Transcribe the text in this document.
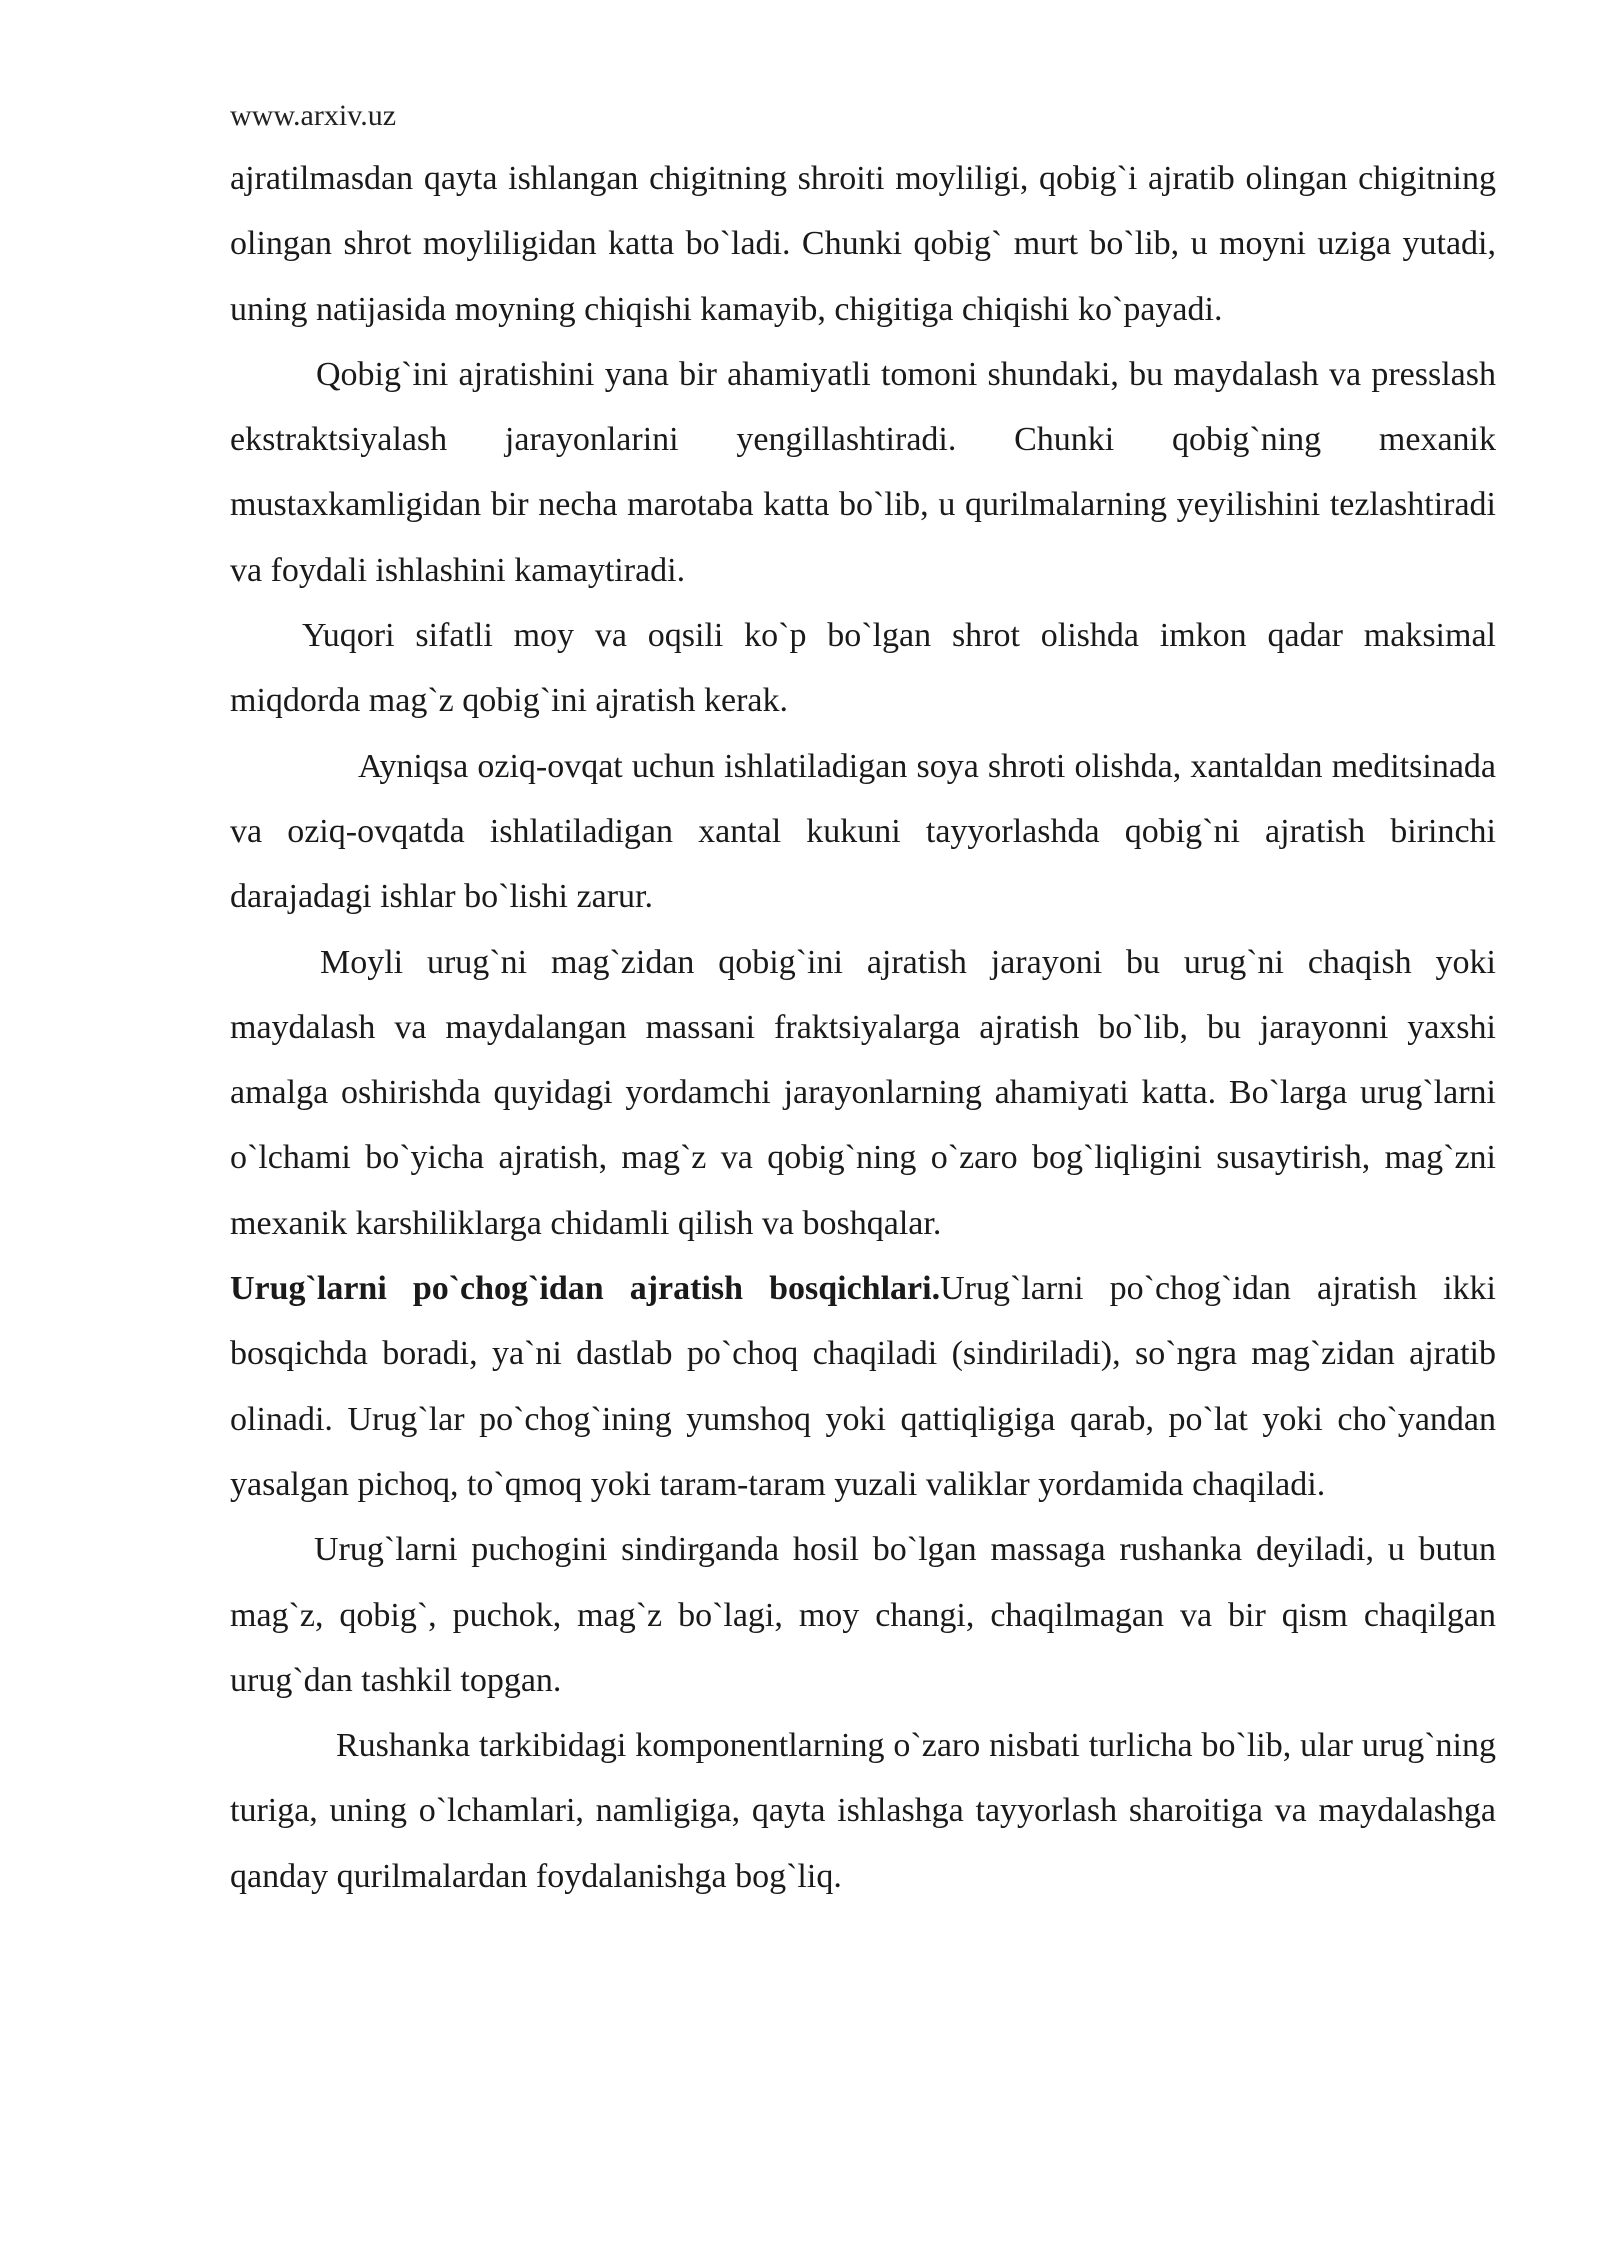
www.arxiv.uz

ajratilmasdan qayta ishlangan chigitning shroiti moyliligi, qobig`i ajratib olingan chigitning olingan shrot moyliligidan katta bo`ladi. Chunki qobig` murt bo`lib, u moyni uziga yutadi, uning natijasida moyning chiqishi kamayib, chigitiga chiqishi ko`payadi.

Qobig`ini ajratishini yana bir ahamiyatli tomoni shundaki, bu maydalash va presslash ekstraktsiyalash jarayonlarini yengillashtiradi. Chunki qobig`ning mexanik mustaxkamligidan bir necha marotaba katta bo`lib, u qurilmalarning yeyilishini tezlashtiradi va foydali ishlashini kamaytiradi.

Yuqori sifatli moy va oqsili ko`p bo`lgan shrot olishda imkon qadar maksimal miqdorda mag`z qobig`ini ajratish kerak.

Ayniqsa oziq-ovqat uchun ishlatiladigan soya shroti olishda, xantaldan meditsinada va oziq-ovqatda ishlatiladigan xantal kukuni tayyorlashda qobig`ni ajratish birinchi darajadagi ishlar bo`lishi zarur.

Moyli urug`ni mag`zidan qobig`ini ajratish jarayoni bu urug`ni chaqish yoki maydalash va maydalangan massani fraktsiyalarga ajratish bo`lib, bu jarayonni yaxshi amalga oshirishda quyidagi yordamchi jarayonlarning ahamiyati katta. Bo`larga urug`larni o`lchami bo`yicha ajratish, mag`z va qobig`ning o`zaro bog`liqligini susaytirish, mag`zni mexanik karshiliklarga chidamli qilish va boshqalar.

Urug`larni po`chog`idan ajratish bosqichlari.Urug`larni po`chog`idan ajratish ikki bosqichda boradi, ya`ni dastlab po`choq chaqiladi (sindiriladi), so`ngra mag`zidan ajratib olinadi. Urug`lar po`chog`ining yumshoq yoki qattiqligiga qarab, po`lat yoki cho`yandan yasalgan pichoq, to`qmoq yoki taram-taram yuzali valiklar yordamida chaqiladi.

Urug`larni puchogini sindirganda hosil bo`lgan massaga rushanka deyiladi, u butun mag`z, qobig`, puchok, mag`z bo`lagi, moy changi, chaqilmagan va bir qism chaqilgan urug`dan tashkil topgan.

Rushanka tarkibidagi komponentlarning o`zaro nisbati turlicha bo`lib, ular urug`ning turiga, uning o`lchamlari, namligiga, qayta ishlashga tayyorlash sharoitiga va maydalashga qanday qurilmalardan foydalanishga bog`liq.
